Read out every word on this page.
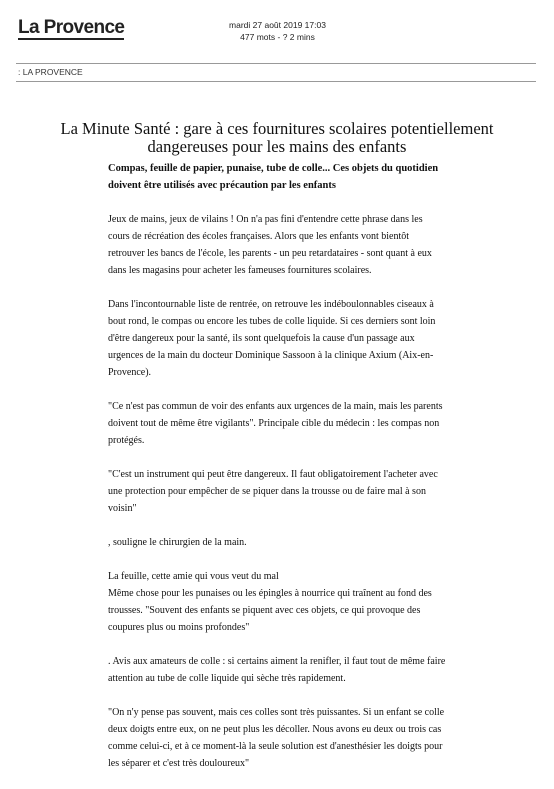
La Provence	mardi 27 août 2019 17:03
477 mots - ? 2 mins
: LA PROVENCE
La Minute Santé : gare à ces fournitures scolaires potentiellement dangereuses pour les mains des enfants

Compas, feuille de papier, punaise, tube de colle... Ces objets du quotidien doivent être utilisés avec précaution par les enfants

Jeux de mains, jeux de vilains ! On n'a pas fini d'entendre cette phrase dans les cours de récréation des écoles françaises. Alors que les enfants vont bientôt retrouver les bancs de l'école, les parents - un peu retardataires - sont quant à eux dans les magasins pour acheter les fameuses fournitures scolaires.

Dans l'incontournable liste de rentrée, on retrouve les indéboulonnables ciseaux à bout rond, le compas ou encore les tubes de colle liquide. Si ces derniers sont loin d'être dangereux pour la santé, ils sont quelquefois la cause d'un passage aux urgences de la main du docteur Dominique Sassoon à la clinique Axium (Aix-en-Provence).

"Ce n'est pas commun de voir des enfants aux urgences de la main, mais les parents doivent tout de même être vigilants". Principale cible du médecin : les compas non protégés.

"C'est un instrument qui peut être dangereux. Il faut obligatoirement l'acheter avec une protection pour empêcher de se piquer dans la trousse ou de faire mal à son voisin"

, souligne le chirurgien de la main.

La feuille, cette amie qui vous veut du mal
Même chose pour les punaises ou les épingles à nourrice qui traînent au fond des trousses. "Souvent des enfants se piquent avec ces objets, ce qui provoque des coupures plus ou moins profondes"

. Avis aux amateurs de colle : si certains aiment la renifler, il faut tout de même faire attention au tube de colle liquide qui sèche très rapidement.

"On n'y pense pas souvent, mais ces colles sont très puissantes. Si un enfant se colle deux doigts entre eux, on ne peut plus les décoller. Nous avons eu deux ou trois cas comme celui-ci, et à ce moment-là la seule solution est d'anesthésier les doigts pour les séparer et c'est très douloureux"
